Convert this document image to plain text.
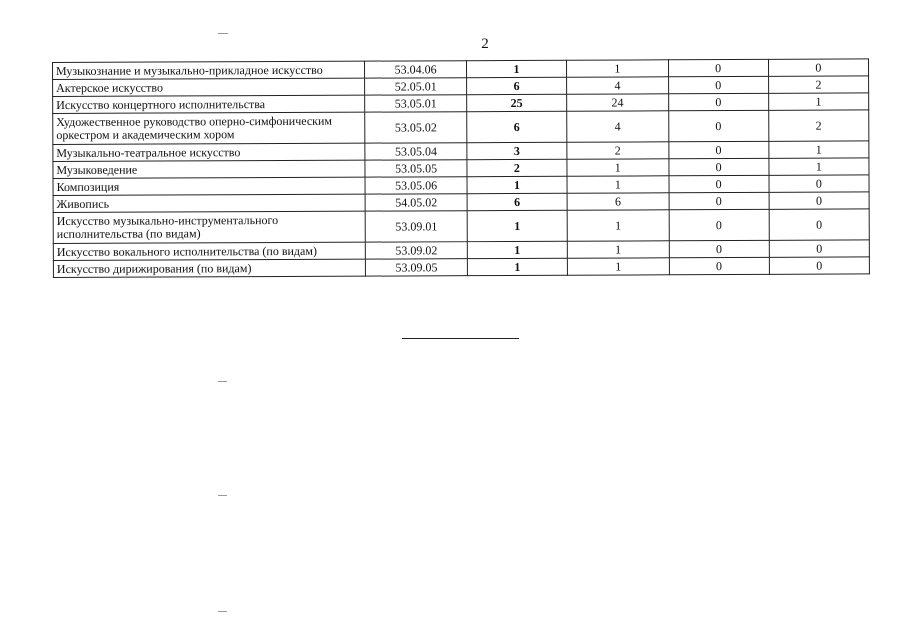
2
Музыкознание и музыкально-прикладное искусство	53.04.06	1	1	0	0
Актерское искусство	52.05.01	6	4	0	2
Искусство концертного исполнительства	53.05.01	25	24	0	1
Художественное руководство оперно-симфоническим оркестром и академическим хором	53.05.02	6	4	0	2
Музыкально-театральное искусство	53.05.04	3	2	0	1
Музыковедение	53.05.05	2	1	0	1
Композиция	53.05.06	1	1	0	0
Живопись	54.05.02	6	6	0	0
Искусство музыкально-инструментального исполнительства (по видам)	53.09.01	1	1	0	0
Искусство вокального исполнительства (по видам)	53.09.02	1	1	0	0
Искусство дирижирования (по видам)	53.09.05	1	1	0	0
